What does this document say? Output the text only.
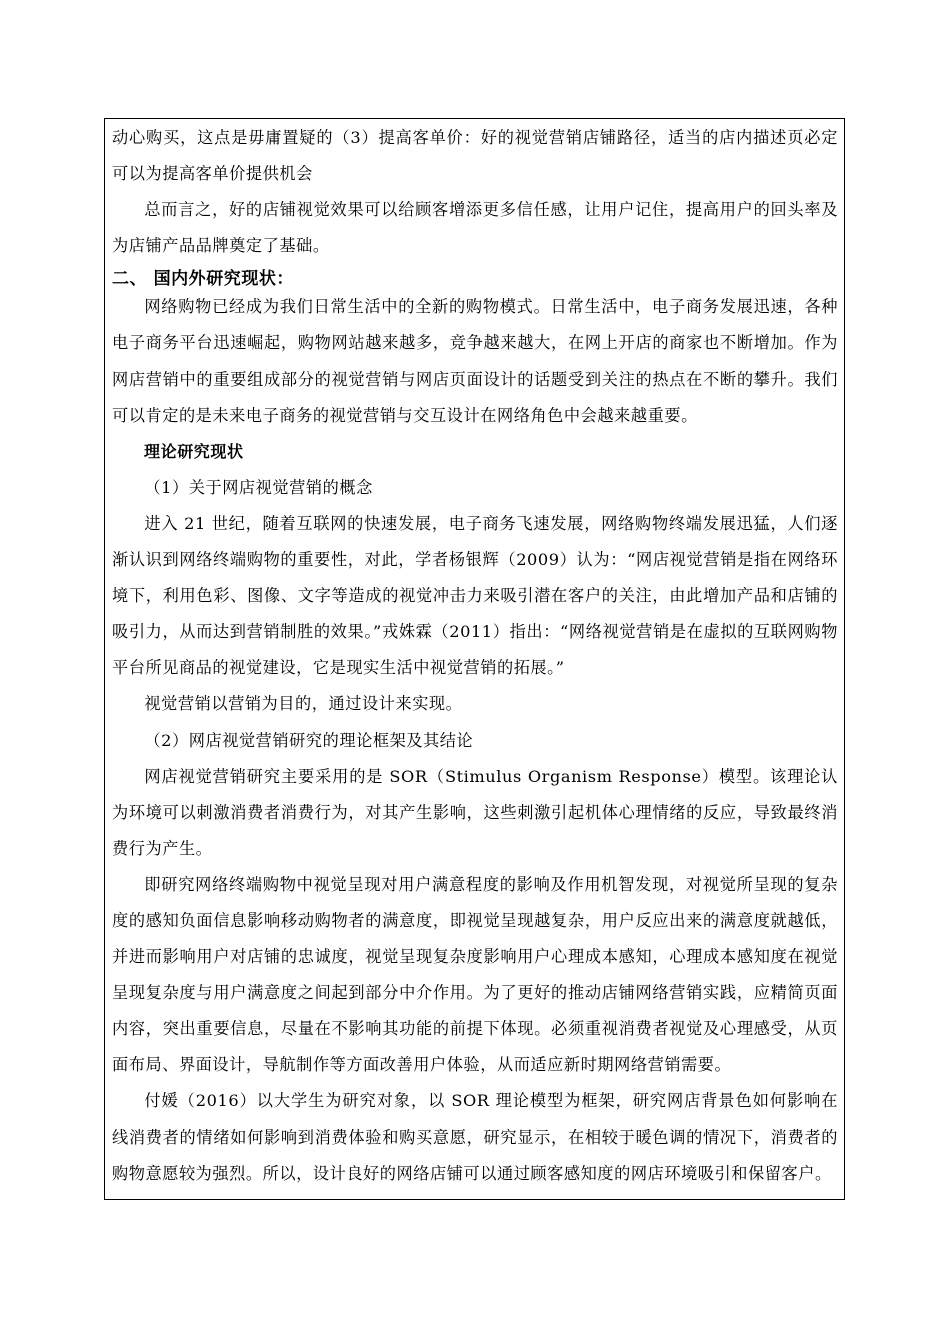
动心购买，这点是毋庸置疑的（3）提高客单价：好的视觉营销店铺路径，适当的店内描述页必定可以为提高客单价提供机会

总而言之，好的店铺视觉效果可以给顾客增添更多信任感，让用户记住，提高用户的回头率及为店铺产品品牌奠定了基础。

二、 国内外研究现状：

网络购物已经成为我们日常生活中的全新的购物模式。日常生活中，电子商务发展迅速，各种电子商务平台迅速崛起，购物网站越来越多，竞争越来越大，在网上开店的商家也不断增加。作为网店营销中的重要组成部分的视觉营销与网店页面设计的话题受到关注的热点在不断的攀升。我们可以肯定的是未来电子商务的视觉营销与交互设计在网络角色中会越来越重要。

理论研究现状

（1）关于网店视觉营销的概念

进入 21 世纪，随着互联网的快速发展，电子商务飞速发展，网络购物终端发展迅猛，人们逐渐认识到网络终端购物的重要性，对此，学者杨银辉（2009）认为：“网店视觉营销是指在网络环境下，利用色彩、图像、文字等造成的视觉冲击力来吸引潜在客户的关注，由此增加产品和店铺的吸引力，从而达到营销制胜的效果。”戎姝霖（2011）指出：“网络视觉营销是在虚拟的互联网购物平台所见商品的视觉建设，它是现实生活中视觉营销的拓展。”

视觉营销以营销为目的，通过设计来实现。

（2）网店视觉营销研究的理论框架及其结论

网店视觉营销研究主要采用的是 SOR（Stimulus Organism Response）模型。该理论认为环境可以刺激消费者消费行为，对其产生影响，这些刺激引起机体心理情绪的反应，导致最终消费行为产生。

即研究网络终端购物中视觉呈现对用户满意程度的影响及作用机智发现，对视觉所呈现的复杂度的感知负面信息影响移动购物者的满意度，即视觉呈现越复杂，用户反应出来的满意度就越低，并进而影响用户对店铺的忠诚度，视觉呈现复杂度影响用户心理成本感知，心理成本感知度在视觉呈现复杂度与用户满意度之间起到部分中介作用。为了更好的推动店铺网络营销实践，应精简页面内容，突出重要信息，尽量在不影响其功能的前提下体现。必须重视消费者视觉及心理感受，从页面布局、界面设计，导航制作等方面改善用户体验，从而适应新时期网络营销需要。

付媛（2016）以大学生为研究对象，以 SOR 理论模型为框架，研究网店背景色如何影响在线消费者的情绪如何影响到消费体验和购买意愿，研究显示，在相较于暖色调的情况下，消费者的购物意愿较为强烈。所以，设计良好的网络店铺可以通过顾客感知度的网店环境吸引和保留客户。
